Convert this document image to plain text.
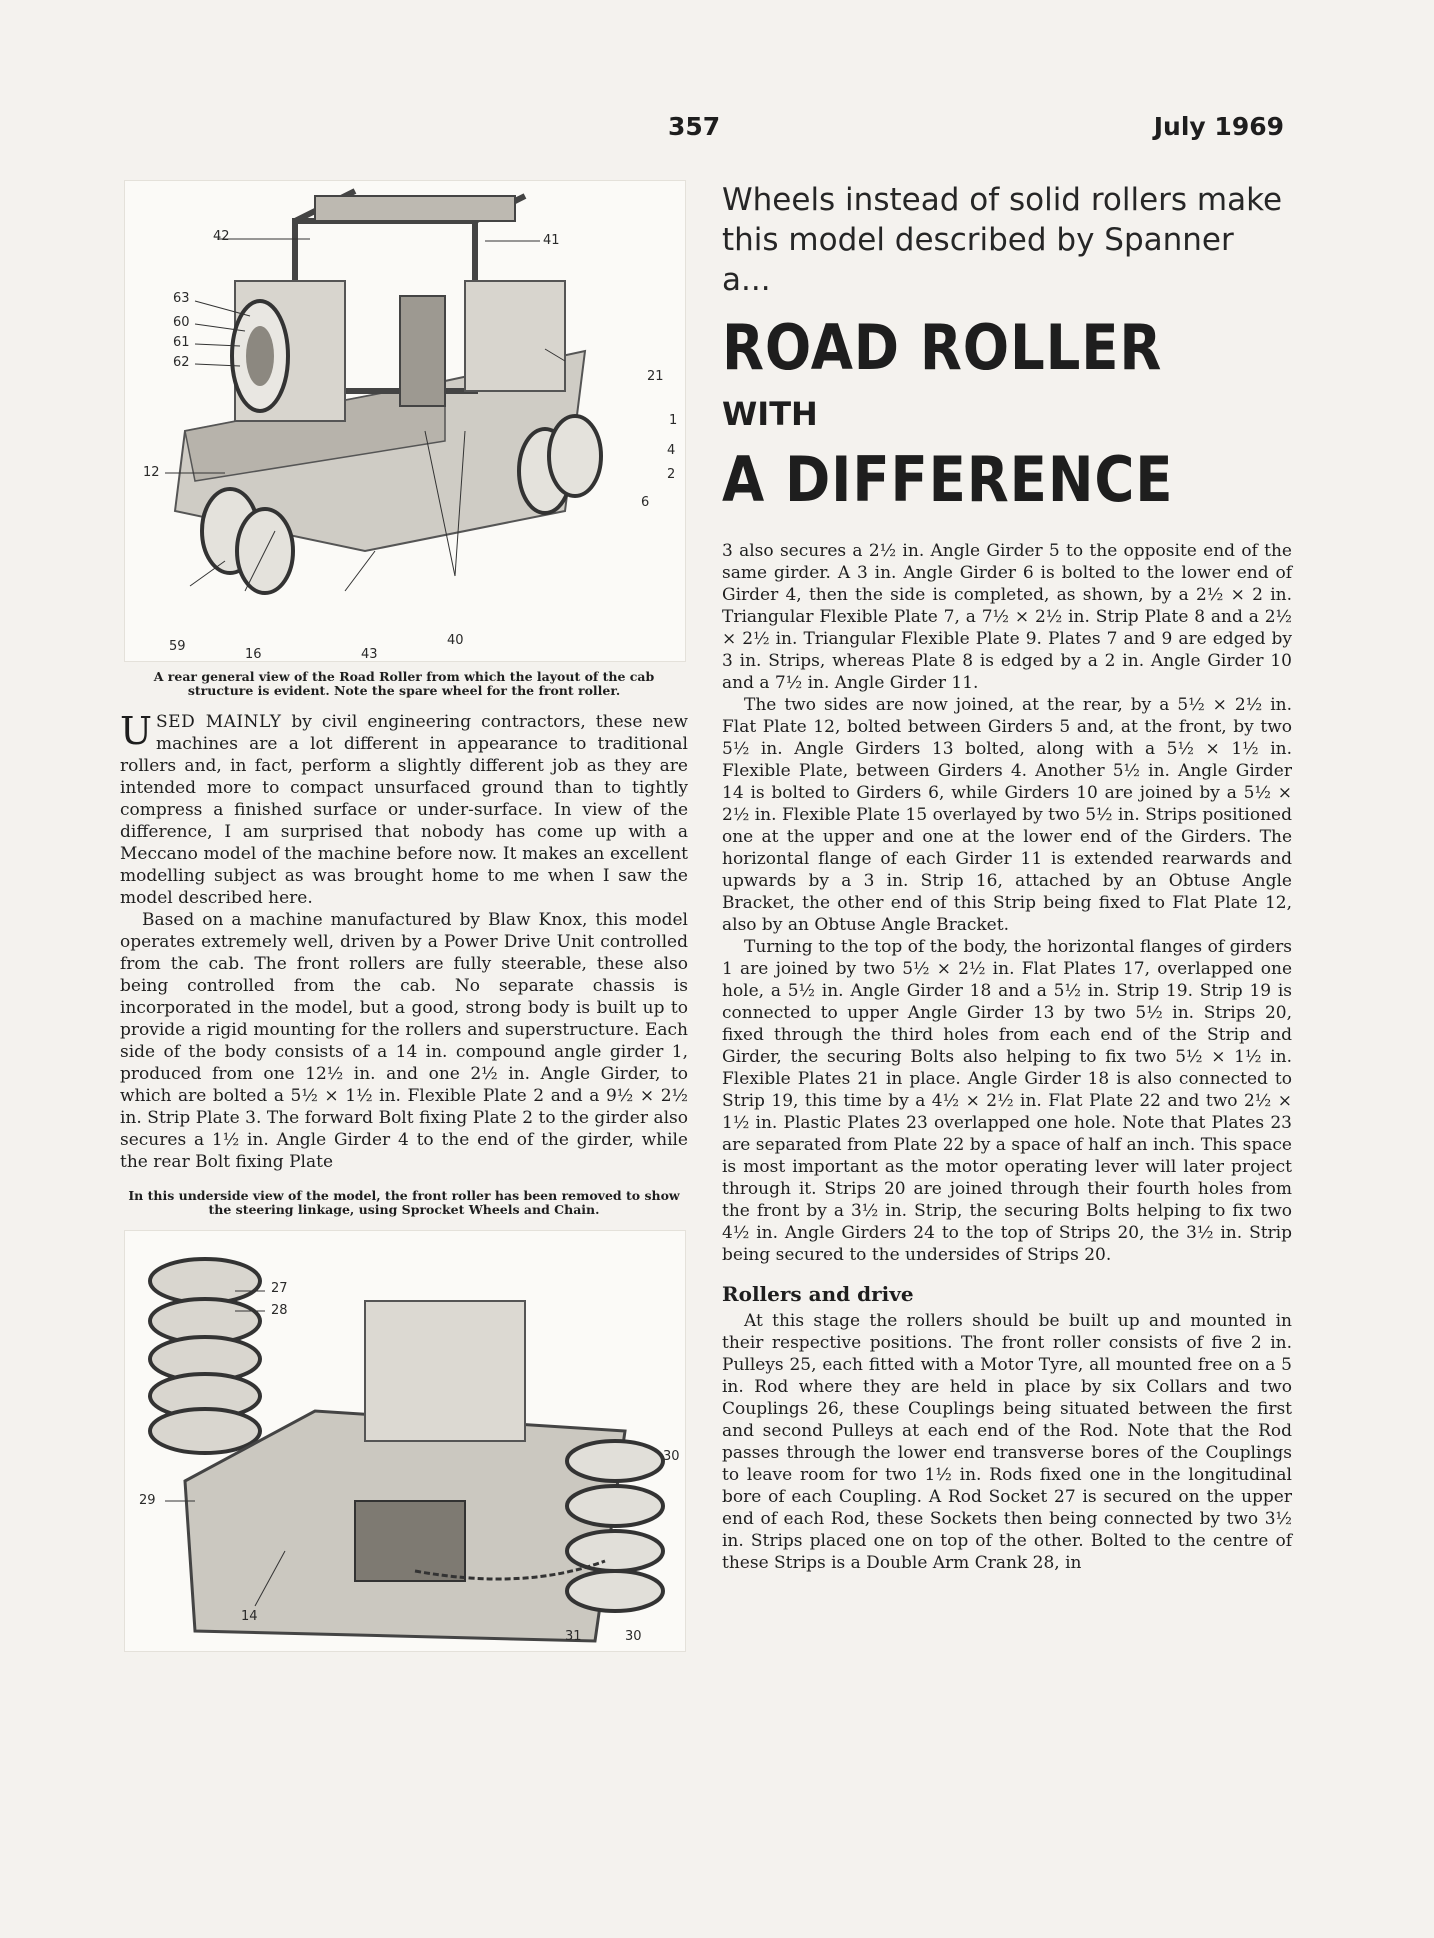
357	July 1969
42	41
63
60
61
62
21
1
4
2
6
12
59
16	43
40
A rear general view of the Road Roller from which the layout of the cab structure is evident. Note the spare wheel for the front roller.

USED MAINLY by civil engineering contractors, these new machines are a lot different in appearance to traditional rollers and, in fact, perform a slightly different job as they are intended more to compact unsurfaced ground than to tightly compress a finished surface or under-surface. In view of the difference, I am surprised that nobody has come up with a Meccano model of the machine before now. It makes an excellent modelling subject as was brought home to me when I saw the model described here.

Based on a machine manufactured by Blaw Knox, this model operates extremely well, driven by a Power Drive Unit controlled from the cab. The front rollers are fully steerable, these also being controlled from the cab. No separate chassis is incorporated in the model, but a good, strong body is built up to provide a rigid mounting for the rollers and superstructure. Each side of the body consists of a 14 in. compound angle girder 1, produced from one 12½ in. and one 2½ in. Angle Girder, to which are bolted a 5½ × 1½ in. Flexible Plate 2 and a 9½ × 2½ in. Strip Plate 3. The forward Bolt fixing Plate 2 to the girder also secures a 1½ in. Angle Girder 4 to the end of the girder, while the rear Bolt fixing Plate

In this underside view of the model, the front roller has been removed to show the steering linkage, using Sprocket Wheels and Chain.
27
28
30
29
14
31	30
Wheels instead of solid rollers make this model described by Spanner a...
ROAD ROLLER
WITH
A DIFFERENCE

3 also secures a 2½ in. Angle Girder 5 to the opposite end of the same girder. A 3 in. Angle Girder 6 is bolted to the lower end of Girder 4, then the side is completed, as shown, by a 2½ × 2 in. Triangular Flexible Plate 7, a 7½ × 2½ in. Strip Plate 8 and a 2½ × 2½ in. Triangular Flexible Plate 9. Plates 7 and 9 are edged by 3 in. Strips, whereas Plate 8 is edged by a 2 in. Angle Girder 10 and a 7½ in. Angle Girder 11.

The two sides are now joined, at the rear, by a 5½ × 2½ in. Flat Plate 12, bolted between Girders 5 and, at the front, by two 5½ in. Angle Girders 13 bolted, along with a 5½ × 1½ in. Flexible Plate, between Girders 4. Another 5½ in. Angle Girder 14 is bolted to Girders 6, while Girders 10 are joined by a 5½ × 2½ in. Flexible Plate 15 overlayed by two 5½ in. Strips positioned one at the upper and one at the lower end of the Girders. The horizontal flange of each Girder 11 is extended rearwards and upwards by a 3 in. Strip 16, attached by an Obtuse Angle Bracket, the other end of this Strip being fixed to Flat Plate 12, also by an Obtuse Angle Bracket.

Turning to the top of the body, the horizontal flanges of girders 1 are joined by two 5½ × 2½ in. Flat Plates 17, overlapped one hole, a 5½ in. Angle Girder 18 and a 5½ in. Strip 19. Strip 19 is connected to upper Angle Girder 13 by two 5½ in. Strips 20, fixed through the third holes from each end of the Strip and Girder, the securing Bolts also helping to fix two 5½ × 1½ in. Flexible Plates 21 in place. Angle Girder 18 is also connected to Strip 19, this time by a 4½ × 2½ in. Flat Plate 22 and two 2½ × 1½ in. Plastic Plates 23 overlapped one hole. Note that Plates 23 are separated from Plate 22 by a space of half an inch. This space is most important as the motor operating lever will later project through it. Strips 20 are joined through their fourth holes from the front by a 3½ in. Strip, the securing Bolts helping to fix two 4½ in. Angle Girders 24 to the top of Strips 20, the 3½ in. Strip being secured to the undersides of Strips 20.

Rollers and drive

At this stage the rollers should be built up and mounted in their respective positions. The front roller consists of five 2 in. Pulleys 25, each fitted with a Motor Tyre, all mounted free on a 5 in. Rod where they are held in place by six Collars and two Couplings 26, these Couplings being situated between the first and second Pulleys at each end of the Rod. Note that the Rod passes through the lower end transverse bores of the Couplings to leave room for two 1½ in. Rods fixed one in the longitudinal bore of each Coupling. A Rod Socket 27 is secured on the upper end of each Rod, these Sockets then being connected by two 3½ in. Strips placed one on top of the other. Bolted to the centre of these Strips is a Double Arm Crank 28, in
